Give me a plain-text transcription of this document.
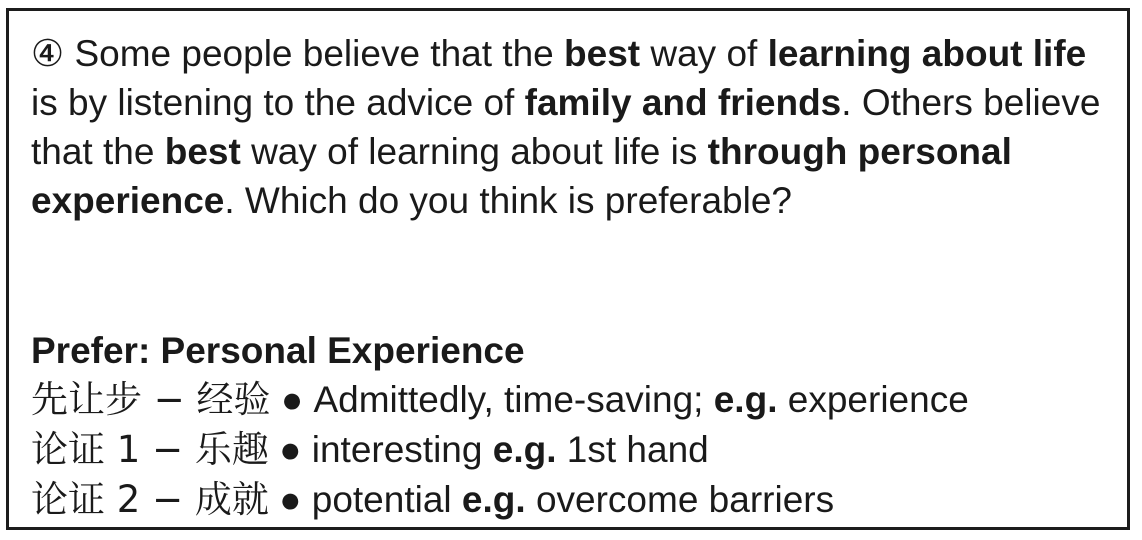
④ Some people believe that the best way of learning about life is by listening to the advice of family and friends. Others believe that the best way of learning about life is through personal experience. Which do you think is preferable?

Prefer: Personal Experience

先让步 − 经验 ● Admittedly, time-saving; e.g. experience
论证 1 − 乐趣 ● interesting e.g. 1st hand
论证 2 − 成就 ● potential e.g. overcome barriers
